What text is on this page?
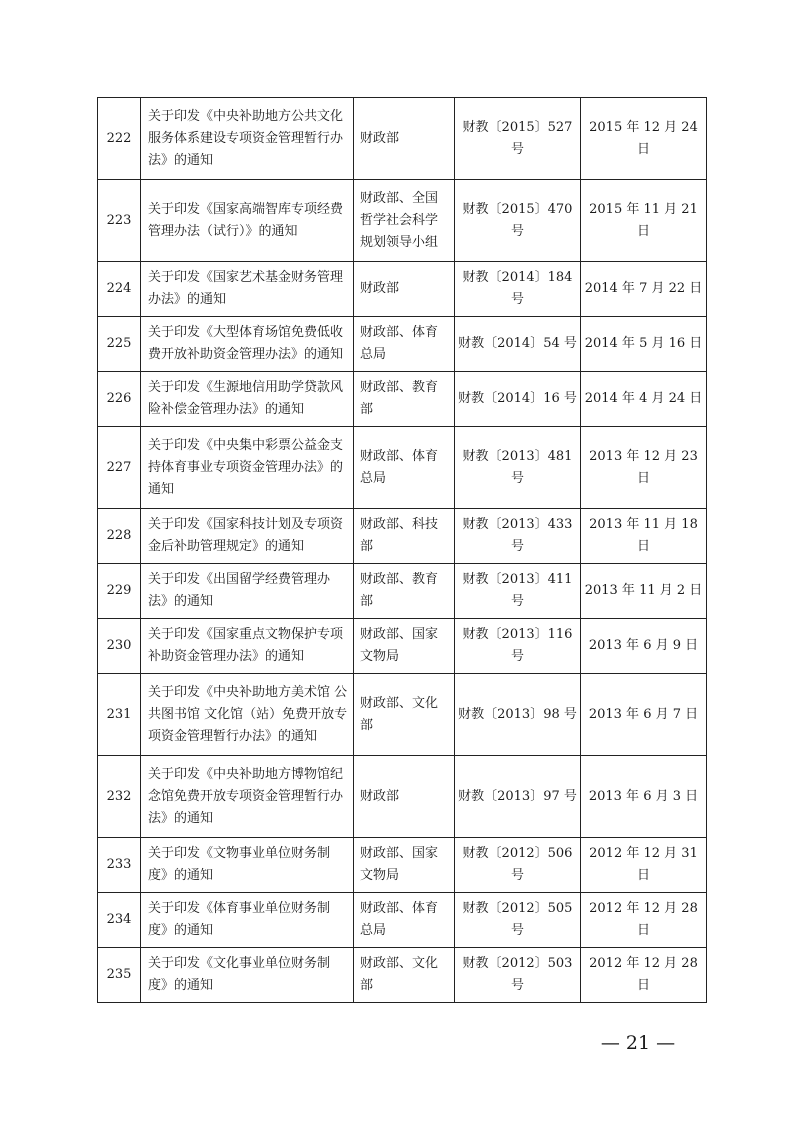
222	关于印发《中央补助地方公共文化服务体系建设专项资金管理暂行办法》的通知	财政部	财教〔2015〕527 号	2015 年 12 月 24 日
223	关于印发《国家高端智库专项经费管理办法（试行）》的通知	财政部、全国哲学社会科学规划领导小组	财教〔2015〕470 号	2015 年 11 月 21 日
224	关于印发《国家艺术基金财务管理办法》的通知	财政部	财教〔2014〕184 号	2014 年 7 月 22 日
225	关于印发《大型体育场馆免费低收费开放补助资金管理办法》的通知	财政部、体育总局	财教〔2014〕54 号	2014 年 5 月 16 日
226	关于印发《生源地信用助学贷款风险补偿金管理办法》的通知	财政部、教育部	财教〔2014〕16 号	2014 年 4 月 24 日
227	关于印发《中央集中彩票公益金支持体育事业专项资金管理办法》的通知	财政部、体育总局	财教〔2013〕481 号	2013 年 12 月 23 日
228	关于印发《国家科技计划及专项资金后补助管理规定》的通知	财政部、科技部	财教〔2013〕433 号	2013 年 11 月 18 日
229	关于印发《出国留学经费管理办法》的通知	财政部、教育部	财教〔2013〕411 号	2013 年 11 月 2 日
230	关于印发《国家重点文物保护专项补助资金管理办法》的通知	财政部、国家文物局	财教〔2013〕116 号	2013 年 6 月 9 日
231	关于印发《中央补助地方美术馆 公共图书馆 文化馆（站）免费开放专项资金管理暂行办法》的通知	财政部、文化部	财教〔2013〕98 号	2013 年 6 月 7 日
232	关于印发《中央补助地方博物馆纪念馆免费开放专项资金管理暂行办法》的通知	财政部	财教〔2013〕97 号	2013 年 6 月 3 日
233	关于印发《文物事业单位财务制度》的通知	财政部、国家文物局	财教〔2012〕506 号	2012 年 12 月 31 日
234	关于印发《体育事业单位财务制度》的通知	财政部、体育总局	财教〔2012〕505 号	2012 年 12 月 28 日
235	关于印发《文化事业单位财务制度》的通知	财政部、文化部	财教〔2012〕503 号	2012 年 12 月 28 日
— 21 —
